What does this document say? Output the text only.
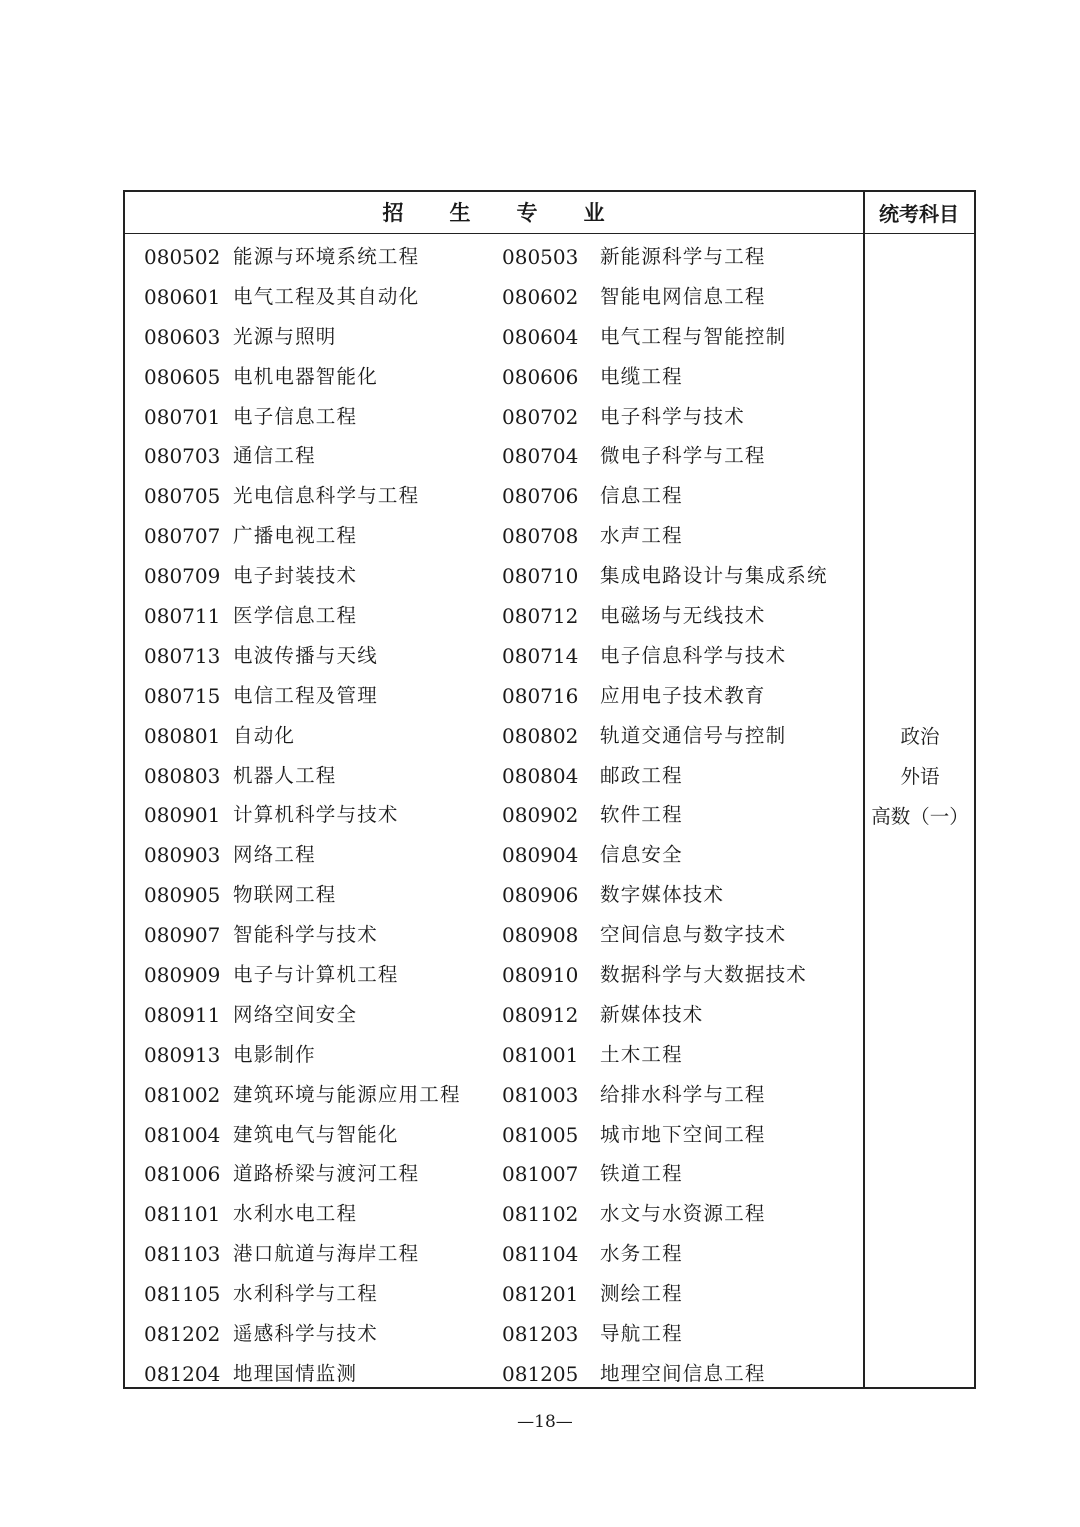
招 生 专 业	统考科目
080502 能源与环境系统工程	080503 新能源科学与工程
080601 电气工程及其自动化	080602 智能电网信息工程
080603 光源与照明	080604 电气工程与智能控制
080605 电机电器智能化	080606 电缆工程
080701 电子信息工程	080702 电子科学与技术
080703 通信工程	080704 微电子科学与工程
080705 光电信息科学与工程	080706 信息工程
080707 广播电视工程	080708 水声工程
080709 电子封装技术	080710 集成电路设计与集成系统
080711 医学信息工程	080712 电磁场与无线技术
080713 电波传播与天线	080714 电子信息科学与技术
080715 电信工程及管理	080716 应用电子技术教育
080801 自动化	080802 轨道交通信号与控制
080803 机器人工程	080804 邮政工程
080901 计算机科学与技术	080902 软件工程
080903 网络工程	080904 信息安全
080905 物联网工程	080906 数字媒体技术
080907 智能科学与技术	080908 空间信息与数字技术
080909 电子与计算机工程	080910 数据科学与大数据技术
080911 网络空间安全	080912 新媒体技术
080913 电影制作	081001 土木工程
081002 建筑环境与能源应用工程 081003 给排水科学与工程
081004 建筑电气与智能化	081005 城市地下空间工程
081006 道路桥梁与渡河工程	081007 铁道工程
081101 水利水电工程	081102 水文与水资源工程
081103 港口航道与海岸工程	081104 水务工程
081105 水利科学与工程	081201 测绘工程
081202 遥感科学与技术	081203 导航工程
081204 地理国情监测	081205 地理空间信息工程
政治
外语
高数（一）
—18—
